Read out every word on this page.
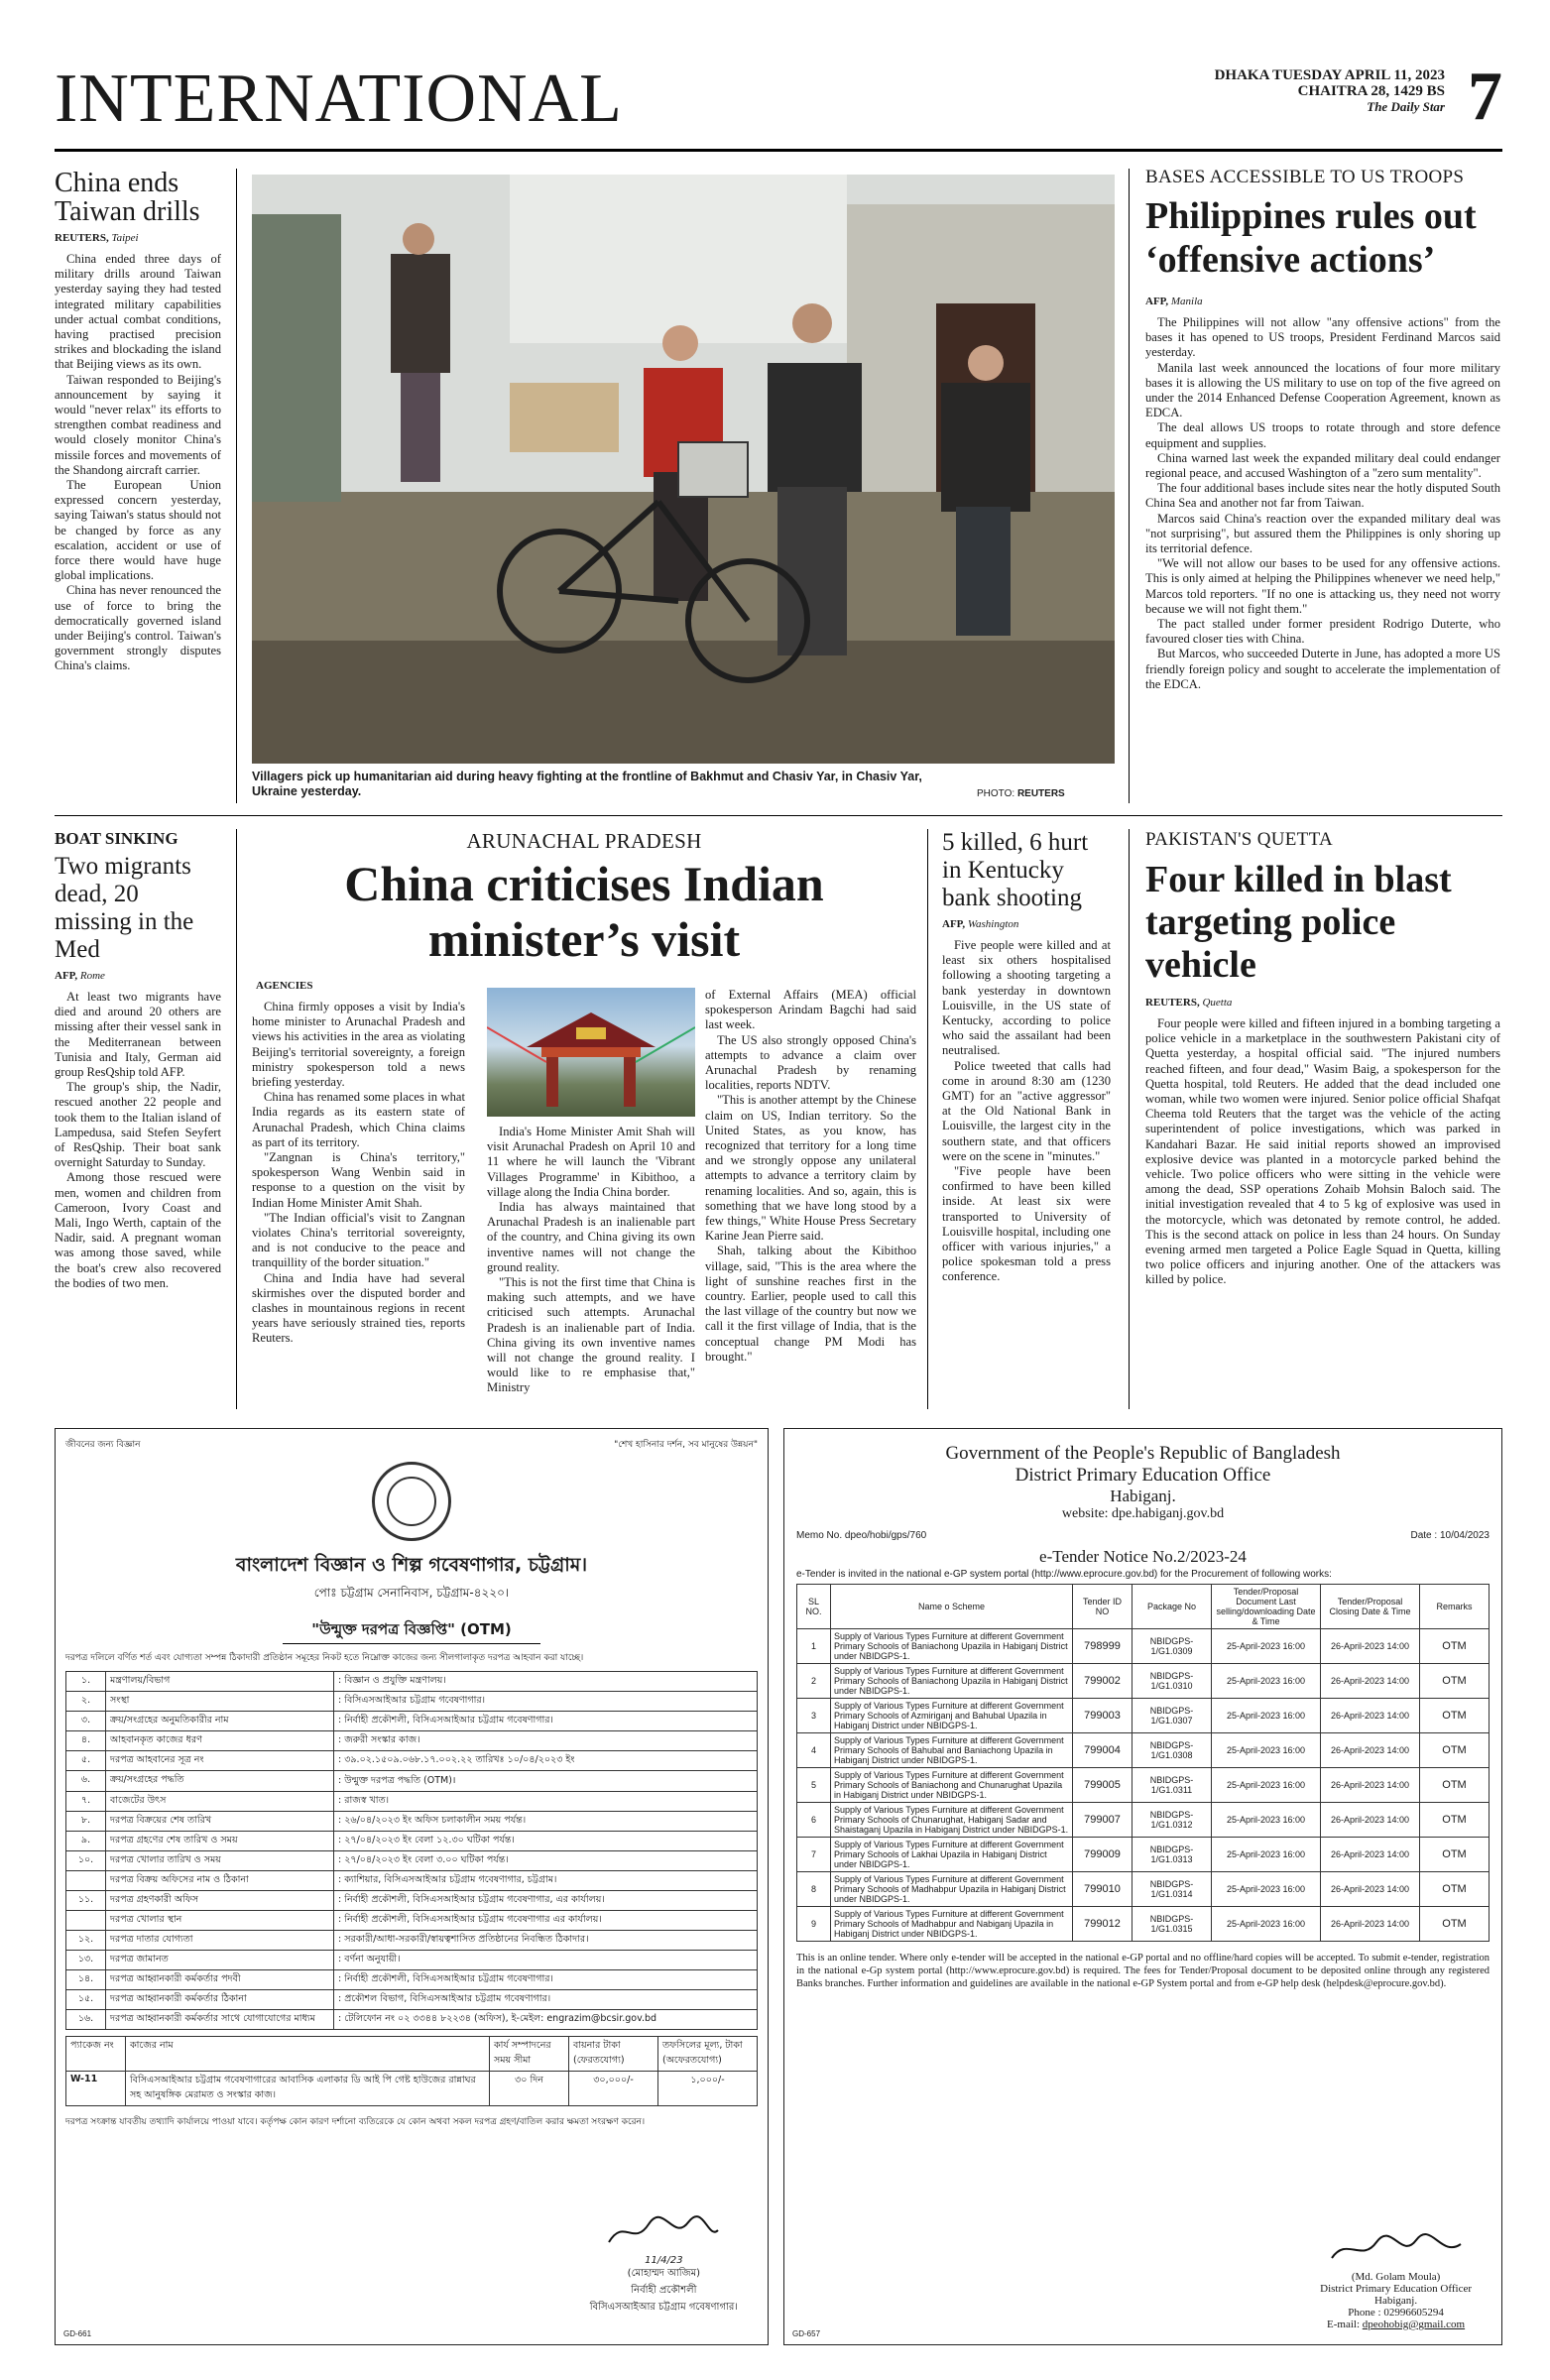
INTERNATIONAL	DHAKA TUESDAY APRIL 11, 2023
CHAITRA 28, 1429 BS
The Daily Star 7
China ends Taiwan drills
REUTERS, Taipei

China ended three days of military drills around Taiwan yesterday saying they had tested integrated military capabilities under actual combat conditions, having practised precision strikes and blockading the island that Beijing views as its own.

Taiwan responded to Beijing's announcement by saying it would "never relax" its efforts to strengthen combat readiness and would closely monitor China's missile forces and movements of the Shandong aircraft carrier.

The European Union expressed concern yesterday, saying Taiwan's status should not be changed by force as any escalation, accident or use of force there would have huge global implications.

China has never renounced the use of force to bring the democratically governed island under Beijing's control. Taiwan's government strongly disputes China's claims.

Villagers pick up humanitarian aid during heavy fighting at the frontline of Bakhmut and Chasiv Yar, in Chasiv Yar, Ukraine yesterday.	PHOTO: REUTERS
BASES ACCESSIBLE TO US TROOPS
Philippines rules out ‘offensive actions’
AFP, Manila

The Philippines will not allow "any offensive actions" from the bases it has opened to US troops, President Ferdinand Marcos said yesterday.

Manila last week announced the locations of four more military bases it is allowing the US military to use on top of the five agreed on under the 2014 Enhanced Defense Cooperation Agreement, known as EDCA.

The deal allows US troops to rotate through and store defence equipment and supplies.

China warned last week the expanded military deal could endanger regional peace, and accused Washington of a "zero sum mentality".

The four additional bases include sites near the hotly disputed South China Sea and another not far from Taiwan.

Marcos said China's reaction over the expanded military deal was "not surprising", but assured them the Philippines is only shoring up its territorial defence.

"We will not allow our bases to be used for any offensive actions. This is only aimed at helping the Philippines whenever we need help," Marcos told reporters. "If no one is attacking us, they need not worry because we will not fight them."

The pact stalled under former president Rodrigo Duterte, who favoured closer ties with China.

But Marcos, who succeeded Duterte in June, has adopted a more US friendly foreign policy and sought to accelerate the implementation of the EDCA.

BOAT SINKING
Two migrants dead, 20 missing in the Med
AFP, Rome

At least two migrants have died and around 20 others are missing after their vessel sank in the Mediterranean between Tunisia and Italy, German aid group ResQship told AFP.

The group's ship, the Nadir, rescued another 22 people and took them to the Italian island of Lampedusa, said Stefen Seyfert of ResQship. Their boat sank overnight Saturday to Sunday.

Among those rescued were men, women and children from Cameroon, Ivory Coast and Mali, Ingo Werth, captain of the Nadir, said. A pregnant woman was among those saved, while the boat's crew also recovered the bodies of two men.

ARUNACHAL PRADESH
China criticises Indian
minister’s visit
AGENCIES

China firmly opposes a visit by India's home minister to Arunachal Pradesh and views his activities in the area as violating Beijing's territorial sovereignty, a foreign ministry spokesperson told a news briefing yesterday.

China has renamed some places in what India regards as its eastern state of Arunachal Pradesh, which China claims as part of its territory.

"Zangnan is China's territory," spokesperson Wang Wenbin said in response to a question on the visit by Indian Home Minister Amit Shah.

"The Indian official's visit to Zangnan violates China's territorial sovereignty, and is not conducive to the peace and tranquillity of the border situation."

China and India have had several skirmishes over the disputed border and clashes in mountainous regions in recent years have seriously strained ties, reports Reuters.

India's Home Minister Amit Shah will visit Arunachal Pradesh on April 10 and 11 where he will launch the 'Vibrant Villages Programme' in Kibithoo, a village along the India China border.

India has always maintained that Arunachal Pradesh is an inalienable part of the country, and China giving its own inventive names will not change the ground reality.

"This is not the first time that China is making such attempts, and we have criticised such attempts. Arunachal Pradesh is an inalienable part of India. China giving its own inventive names will not change the ground reality. I would like to re emphasise that," Ministry

of External Affairs (MEA) official spokesperson Arindam Bagchi had said last week.

The US also strongly opposed China's attempts to advance a claim over Arunachal Pradesh by renaming localities, reports NDTV.

"This is another attempt by the Chinese claim on US, Indian territory. So the United States, as you know, has recognized that territory for a long time and we strongly oppose any unilateral attempts to advance a territory claim by renaming localities. And so, again, this is something that we have long stood by a few things," White House Press Secretary Karine Jean Pierre said.

Shah, talking about the Kibithoo village, said, "This is the area where the light of sunshine reaches first in the country. Earlier, people used to call this the last village of the country but now we call it the first village of India, that is the conceptual change PM Modi has brought."

5 killed, 6 hurt in Kentucky bank shooting
AFP, Washington

Five people were killed and at least six others hospitalised following a shooting targeting a bank yesterday in downtown Louisville, in the US state of Kentucky, according to police who said the assailant had been neutralised.

Police tweeted that calls had come in around 8:30 am (1230 GMT) for an "active aggressor" at the Old National Bank in Louisville, the largest city in the southern state, and that officers were on the scene in "minutes."

"Five people have been confirmed to have been killed inside. At least six were transported to University of Louisville hospital, including one officer with various injuries," a police spokesman told a press conference.

PAKISTAN'S QUETTA
Four killed in blast targeting police vehicle
REUTERS, Quetta

Four people were killed and fifteen injured in a bombing targeting a police vehicle in a marketplace in the southwestern Pakistani city of Quetta yesterday, a hospital official said. "The injured numbers reached fifteen, and four dead," Wasim Baig, a spokesperson for the Quetta hospital, told Reuters. He added that the dead included one woman, while two women were injured. Senior police official Shafqat Cheema told Reuters that the target was the vehicle of the acting superintendent of police investigations, which was parked in Kandahari Bazar. He said initial reports showed an improvised explosive device was planted in a motorcycle parked behind the vehicle. Two police officers who were sitting in the vehicle were among the dead, SSP operations Zohaib Mohsin Baloch said. The initial investigation revealed that 4 to 5 kg of explosive was used in the motorcycle, which was detonated by remote control, he added. This is the second attack on police in less than 24 hours. On Sunday evening armed men targeted a Police Eagle Squad in Quetta, killing two police officers and injuring another. One of the attackers was killed by police.

জীবনের জন্য বিজ্ঞান	"শেখ হাসিনার দর্শন, সব মানুষের উন্নয়ন"
বাংলাদেশ বিজ্ঞান ও শিল্প গবেষণাগার, চট্টগ্রাম।
পোঃ চট্টগ্রাম সেনানিবাস, চট্টগ্রাম-৪২২০।
"উন্মুক্ত দরপত্র বিজ্ঞপ্তি" (OTM)
দরপত্র দলিলে বর্ণিত শর্ত এবং যোগ্যতা সম্পন্ন ঠিকাদারী প্রতিষ্ঠান সমূহের নিকট হতে নিম্নোক্ত কাজের জন্য সীলগালাকৃত দরপত্র আহবান করা যাচ্ছে।
১.	মন্ত্রণালয়/বিভাগ	: বিজ্ঞান ও প্রযুক্তি মন্ত্রণালয়।
২.	সংস্থা	: বিসিএসআইআর চট্টগ্রাম গবেষণাগার।
৩.	ক্রয়/সংগ্রহের অনুমতিকারীর নাম	: নির্বাহী প্রকৌশলী, বিসিএসআইআর চট্টগ্রাম গবেষণাগার।
৪.	আহবানকৃত কাজের ধরণ	: জরুরী সংস্কার কাজ।
৫.	দরপত্র আহবানের সূত্র নং	: ৩৯.০২.১৫০৯.০৬৮.১৭.০০২.২২ তারিখঃ ১০/০৪/২০২৩ ইং
৬.	ক্রয়/সংগ্রহের পদ্ধতি	: উন্মুক্ত দরপত্র পদ্ধতি (OTM)।
৭.	বাজেটের উৎস	: রাজস্ব খাত।
৮.	দরপত্র বিক্রয়ের শেষ তারিখ	: ২৬/০৪/২০২৩ ইং অফিস চলাকালীন সময় পর্যন্ত।
৯.	দরপত্র গ্রহণের শেষ তারিখ ও সময়	: ২৭/০৪/২০২৩ ইং বেলা ১২.৩০ ঘটিকা পর্যন্ত।
১০.	দরপত্র খোলার তারিখ ও সময়	: ২৭/০৪/২০২৩ ইং বেলা ৩.০০ ঘটিকা পর্যন্ত।
	দরপত্র বিক্রয় অফিসের নাম ও ঠিকানা	: ক্যাশিয়ার, বিসিএসআইআর চট্টগ্রাম গবেষণাগার, চট্টগ্রাম।
১১.	দরপত্র গ্রহণকারী অফিস	: নির্বাহী প্রকৌশলী, বিসিএসআইআর চট্টগ্রাম গবেষণাগার, এর কার্যালয়।
	দরপত্র খোলার স্থান	: নির্বাহী প্রকৌশলী, বিসিএসআইআর চট্টগ্রাম গবেষণাগার এর কার্যালয়।
১২.	দরপত্র দাতার যোগ্যতা	: সরকারী/আধা-সরকারী/স্বায়ত্বশাসিত প্রতিষ্ঠানের নিবন্ধিত ঠিকাদার।
১৩.	দরপত্র জামানত	: বর্ণনা অনুযায়ী।
১৪.	দরপত্র আহ্বানকারী কর্মকর্তার পদবী	: নির্বাহী প্রকৌশলী, বিসিএসআইআর চট্টগ্রাম গবেষণাগার।
১৫.	দরপত্র আহ্বানকারী কর্মকর্তার ঠিকানা	: প্রকৌশল বিভাগ, বিসিএসআইআর চট্টগ্রাম গবেষণাগার।
১৬.	দরপত্র আহ্বানকারী কর্মকর্তার সাথে যোগাযোগের মাধ্যম	: টেলিফোন নং ০২ ৩৩৪৪ ৮২২৩৪ (অফিস), ই-মেইল: engrazim@bcsir.gov.bd
প্যাকেজ নং	কাজের নাম	কার্য সম্পাদনের সময় সীমা	বায়নার টাকা (ফেরতযোগ্য)	তফসিলের মূল্য, টাকা (অফেরতযোগ্য)
W-11	বিসিএসআইআর চট্টগ্রাম গবেষণাগারের আবাসিক এলাকার ডি আই পি গেষ্ট হাউজের রান্নাঘর সহ আনুষঙ্গিক মেরামত ও সংস্কার কাজ।	৩০ দিন	৩০,০০০/-	১,০০০/-
দরপত্র সংক্রান্ত যাবতীয় তথ্যাদি কার্যালয়ে পাওয়া যাবে। কর্তৃপক্ষ কোন কারণ দর্শানো ব্যতিরেকে যে কোন অথবা সকল দরপত্র গ্রহণ/বাতিল করার ক্ষমতা সংরক্ষণ করেন।
11/4/23
(মোহাম্মদ আজিম)
নির্বাহী প্রকৌশলী
বিসিএসআইআর চট্টগ্রাম গবেষণাগার।
GD-661
Government of the People's Republic of Bangladesh
District Primary Education Office
Habiganj.
website: dpe.habiganj.gov.bd
Memo No. dpeo/hobi/gps/760	Date : 10/04/2023
e-Tender Notice No.2/2023-24
e-Tender is invited in the national e-GP system portal (http://www.eprocure.gov.bd) for the Procurement of following works:
SL NO.	Name o Scheme	Tender ID NO	Package No	Tender/Proposal Document Last selling/downloading Date & Time	Tender/Proposal Closing Date & Time	Remarks
1	Supply of Various Types Furniture at different Government Primary Schools of Baniachong Upazila in Habiganj District under NBIDGPS-1.	798999	NBIDGPS-1/G1.0309	25-April-2023 16:00	26-April-2023 14:00	OTM
2	Supply of Various Types Furniture at different Government Primary Schools of Baniachong Upazila in Habiganj District under NBIDGPS-1.	799002	NBIDGPS-1/G1.0310	25-April-2023 16:00	26-April-2023 14:00	OTM
3	Supply of Various Types Furniture at different Government Primary Schools of Azmiriganj and Bahubal Upazila in Habiganj District under NBIDGPS-1.	799003	NBIDGPS-1/G1.0307	25-April-2023 16:00	26-April-2023 14:00	OTM
4	Supply of Various Types Furniture at different Government Primary Schools of Bahubal and Baniachong Upazila in Habiganj District under NBIDGPS-1.	799004	NBIDGPS-1/G1.0308	25-April-2023 16:00	26-April-2023 14:00	OTM
5	Supply of Various Types Furniture at different Government Primary Schools of Baniachong and Chunarughat Upazila in Habiganj District under NBIDGPS-1.	799005	NBIDGPS-1/G1.0311	25-April-2023 16:00	26-April-2023 14:00	OTM
6	Supply of Various Types Furniture at different Government Primary Schools of Chunarughat, Habiganj Sadar and Shaistaganj Upazila in Habiganj District under NBIDGPS-1.	799007	NBIDGPS-1/G1.0312	25-April-2023 16:00	26-April-2023 14:00	OTM
7	Supply of Various Types Furniture at different Government Primary Schools of Lakhai Upazila in Habiganj District under NBIDGPS-1.	799009	NBIDGPS-1/G1.0313	25-April-2023 16:00	26-April-2023 14:00	OTM
8	Supply of Various Types Furniture at different Government Primary Schools of Madhabpur Upazila in Habiganj District under NBIDGPS-1.	799010	NBIDGPS-1/G1.0314	25-April-2023 16:00	26-April-2023 14:00	OTM
9	Supply of Various Types Furniture at different Government Primary Schools of Madhabpur and Nabiganj Upazila in Habiganj District under NBIDGPS-1.	799012	NBIDGPS-1/G1.0315	25-April-2023 16:00	26-April-2023 14:00	OTM
This is an online tender. Where only e-tender will be accepted in the national e-GP portal and no offline/hard copies will be accepted. To submit e-tender, registration in the national e-Gp system portal (http://www.eprocure.gov.bd) is required. The fees for Tender/Proposal document to be deposited online through any registered Banks branches. Further information and guidelines are available in the national e-GP System portal and from e-GP help desk (helpdesk@eprocure.gov.bd).
(Md. Golam Moula)
District Primary Education Officer
Habiganj.
Phone : 02996605294
E-mail: dpeohobig@gmail.com
GD-657
